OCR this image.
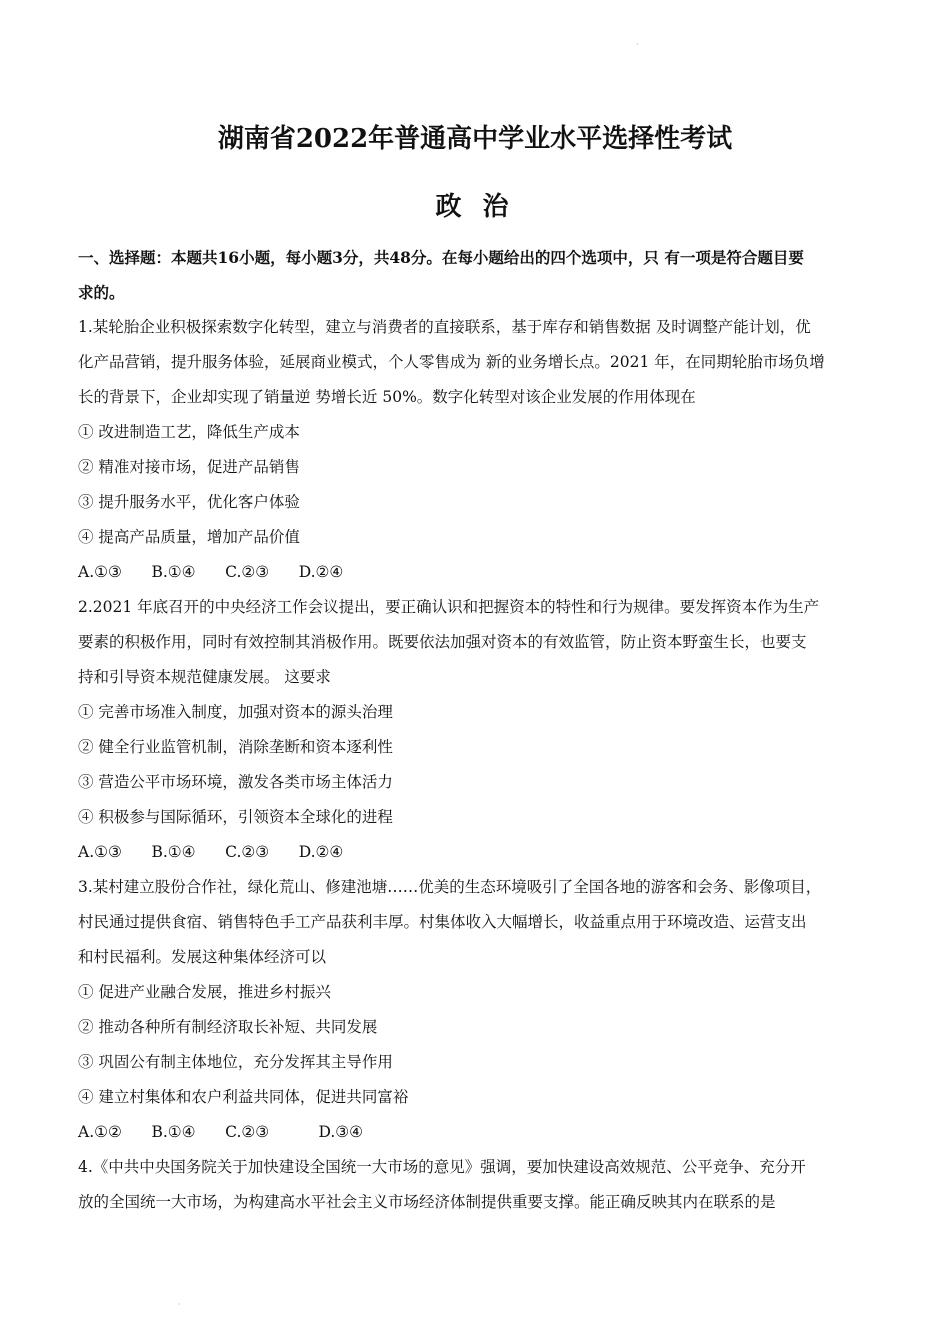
·
湖南省2022年普通高中学业水平选择性考试
政 治
一、选择题：本题共16小题，每小题3分，共48分。在每小题给出的四个选项中，只 有一项是符合题目要
求的。
1.某轮胎企业积极探索数字化转型，建立与消费者的直接联系，基于库存和销售数据 及时调整产能计划，优
化产品营销，提升服务体验，延展商业模式，个人零售成为 新的业务增长点。2021 年，在同期轮胎市场负增
长的背景下，企业却实现了销量逆 势增长近 50%。数字化转型对该企业发展的作用体现在
① 改进制造工艺，降低生产成本
② 精准对接市场，促进产品销售
③ 提升服务水平，优化客户体验
④ 提高产品质量，增加产品价值
A.①③      B.①④      C.②③      D.②④
2.2021 年底召开的中央经济工作会议提出，要正确认识和把握资本的特性和行为规律。要发挥资本作为生产
要素的积极作用，同时有效控制其消极作用。既要依法加强对资本的有效监管，防止资本野蛮生长，也要支
持和引导资本规范健康发展。 这要求
① 完善市场准入制度，加强对资本的源头治理
② 健全行业监管机制，消除垄断和资本逐利性
③ 营造公平市场环境，激发各类市场主体活力
④ 积极参与国际循环，引领资本全球化的进程
A.①③      B.①④      C.②③      D.②④
3.某村建立股份合作社，绿化荒山、修建池塘……优美的生态环境吸引了全国各地的游客和会务、影像项目，
村民通过提供食宿、销售特色手工产品获利丰厚。村集体收入大幅增长，收益重点用于环境改造、运营支出
和村民福利。发展这种集体经济可以
① 促进产业融合发展，推进乡村振兴
② 推动各种所有制经济取长补短、共同发展
③ 巩固公有制主体地位，充分发挥其主导作用
④ 建立村集体和农户利益共同体，促进共同富裕
A.①②      B.①④      C.②③          D.③④
4.《中共中央国务院关于加快建设全国统一大市场的意见》强调，要加快建设高效规范、公平竞争、充分开
放的全国统一大市场，为构建高水平社会主义市场经济体制提供重要支撑。能正确反映其内在联系的是
·
